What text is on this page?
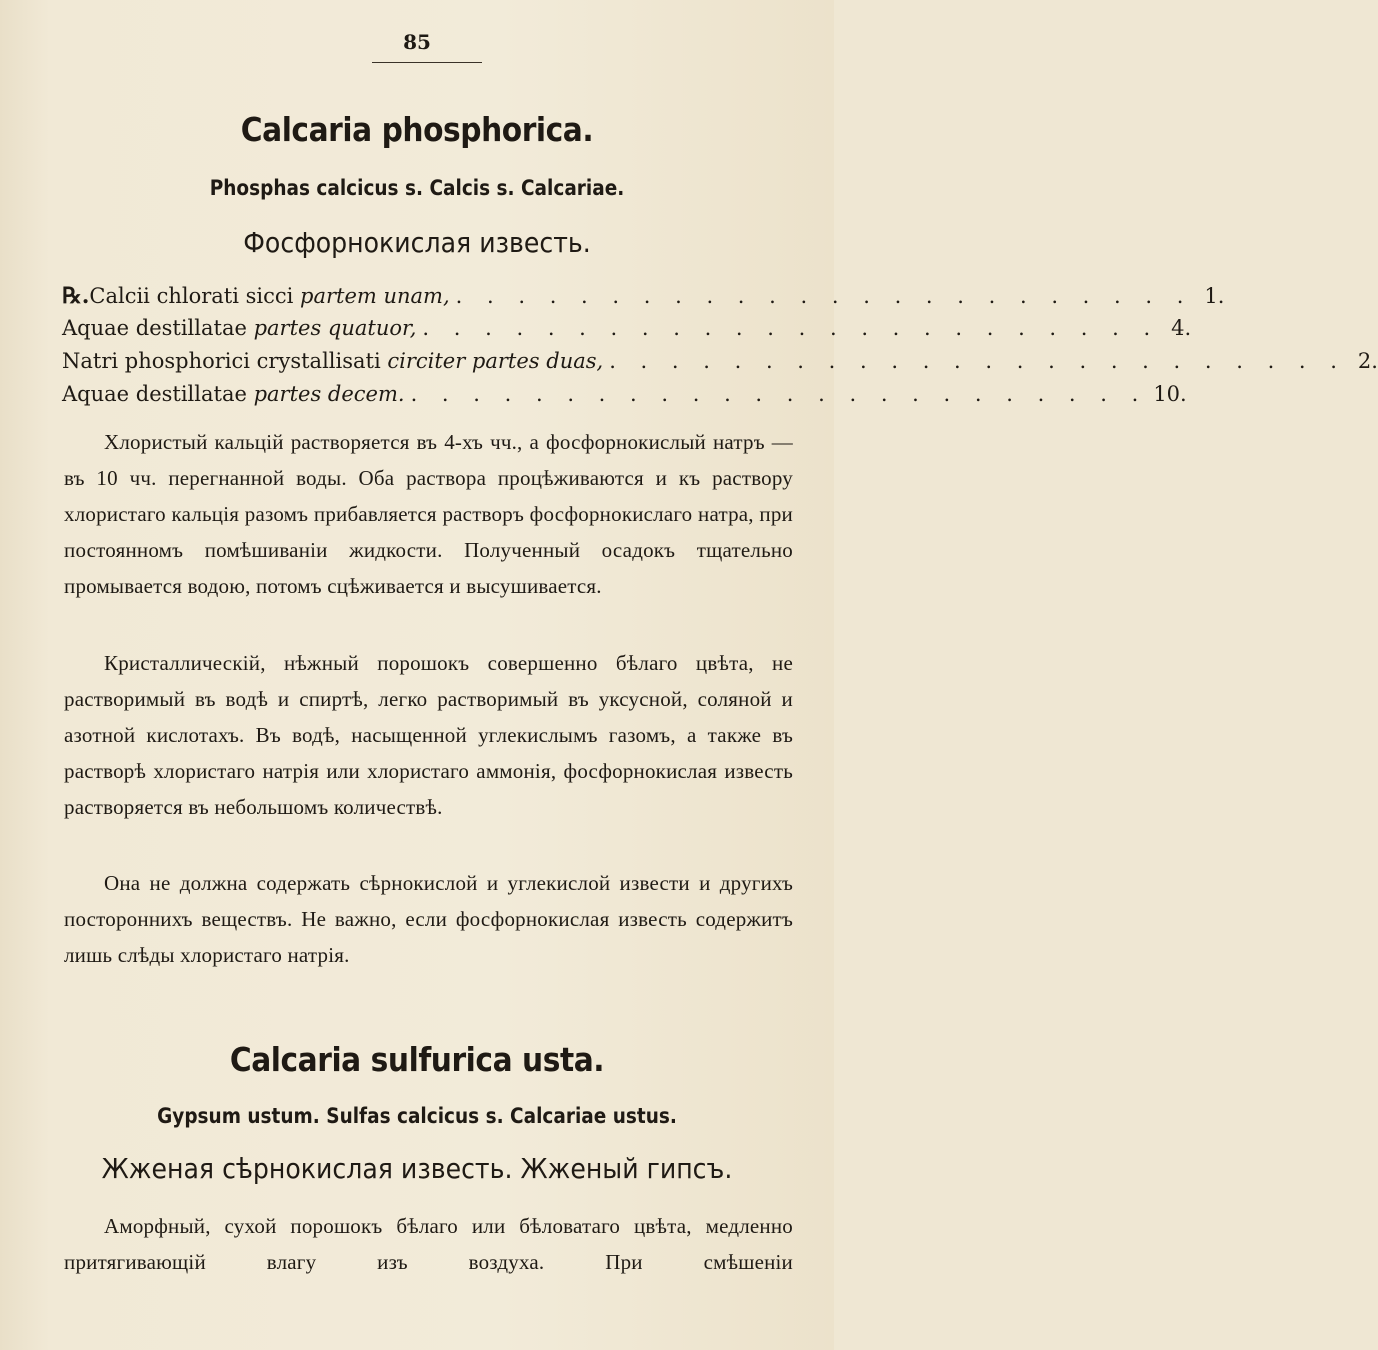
85
Calcaria phosphorica.
Phosphas calcicus s. Calcis s. Calcariae.
Фосфорнокислая известь.
℞. Calcii chlorati sicci partem unam, . . . . . . . . . . . . . . . . . . . . . . . . 1.
Aquae destillatae partes quatuor, . . . . . . . . . . . . . . . . . . . . . . . . 4.
Natri phosphorici crystallisati circiter partes duas, . . . . . . . . . . . . . . . . . . . . . . . . 2.
Aquae destillatae partes decem. . . . . . . . . . . . . . . . . . . . . . . . . 10.

Хлористый кальцій растворяется въ 4-хъ чч., а фосфорнокислый натръ — въ 10 чч. перегнанной воды. Оба раствора процѣживаются и къ раствору хлористаго кальція разомъ прибавляется растворъ фосфорнокислаго натра, при постоянномъ помѣшиваніи жидкости. Полученный осадокъ тщательно промывается водою, потомъ сцѣживается и высушивается.

Кристаллическій, нѣжный порошокъ совершенно бѣлаго цвѣта, не растворимый въ водѣ и спиртѣ, легко растворимый въ уксусной, соляной и азотной кислотахъ. Въ водѣ, насыщенной углекислымъ газомъ, а также въ растворѣ хлористаго натрія или хлористаго аммонія, фосфорнокислая известь растворяется въ небольшомъ количествѣ.

Она не должна содержать сѣрнокислой и углекислой извести и другихъ постороннихъ веществъ. Не важно, если фосфорнокислая известь содержитъ лишь слѣды хлористаго натрія.

Calcaria sulfurica usta.
Gypsum ustum. Sulfas calcicus s. Calcariae ustus.
Жженая сѣрнокислая известь. Жженый гипсъ.

Аморфный, сухой порошокъ бѣлаго или бѣловатаго цвѣта, медленно притягивающій влагу изъ воздуха. При смѣшеніи
